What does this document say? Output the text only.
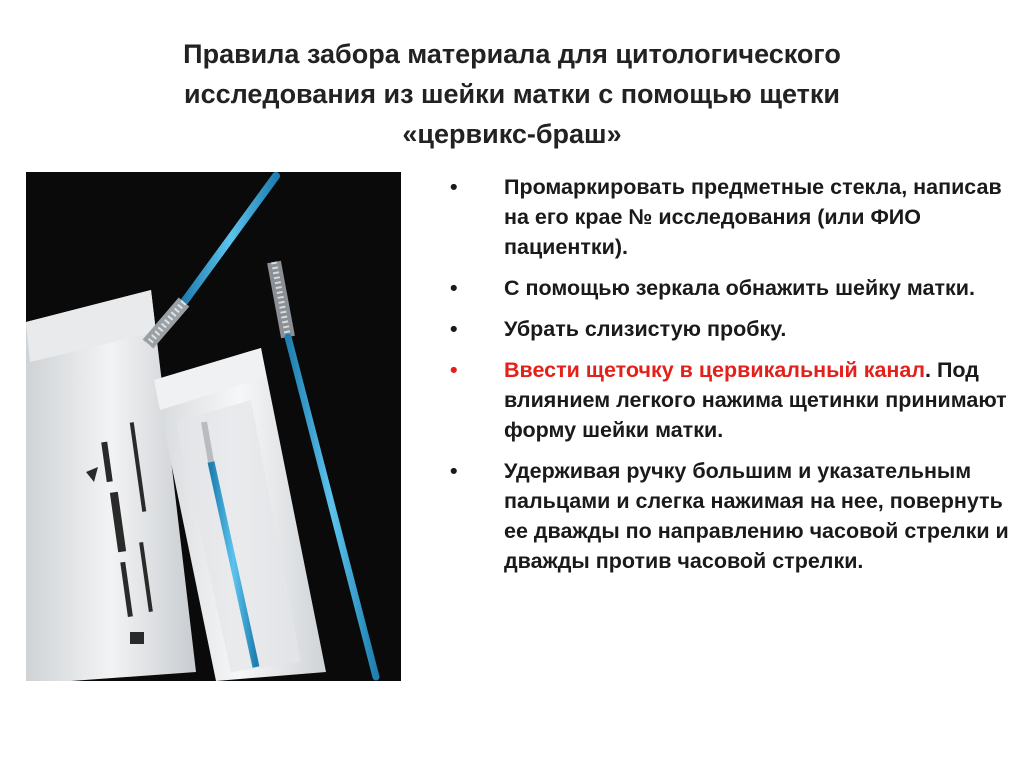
Правила забора материала для цитологического
исследования из шейки матки с помощью щетки
«цервикс-браш»
•	Промаркировать предметные стекла, написав на его крае № исследования (или ФИО пациентки).
•	С помощью зеркала обнажить шейку матки.
•	Убрать слизистую пробку.
•	Ввести щеточку в цервикальный канал. Под влиянием легкого нажима щетинки принимают форму шейки матки.
•	Удерживая ручку большим и указательным пальцами и слегка нажимая на нее, повернуть ее дважды по направлению часовой стрелки и дважды против часовой стрелки.
